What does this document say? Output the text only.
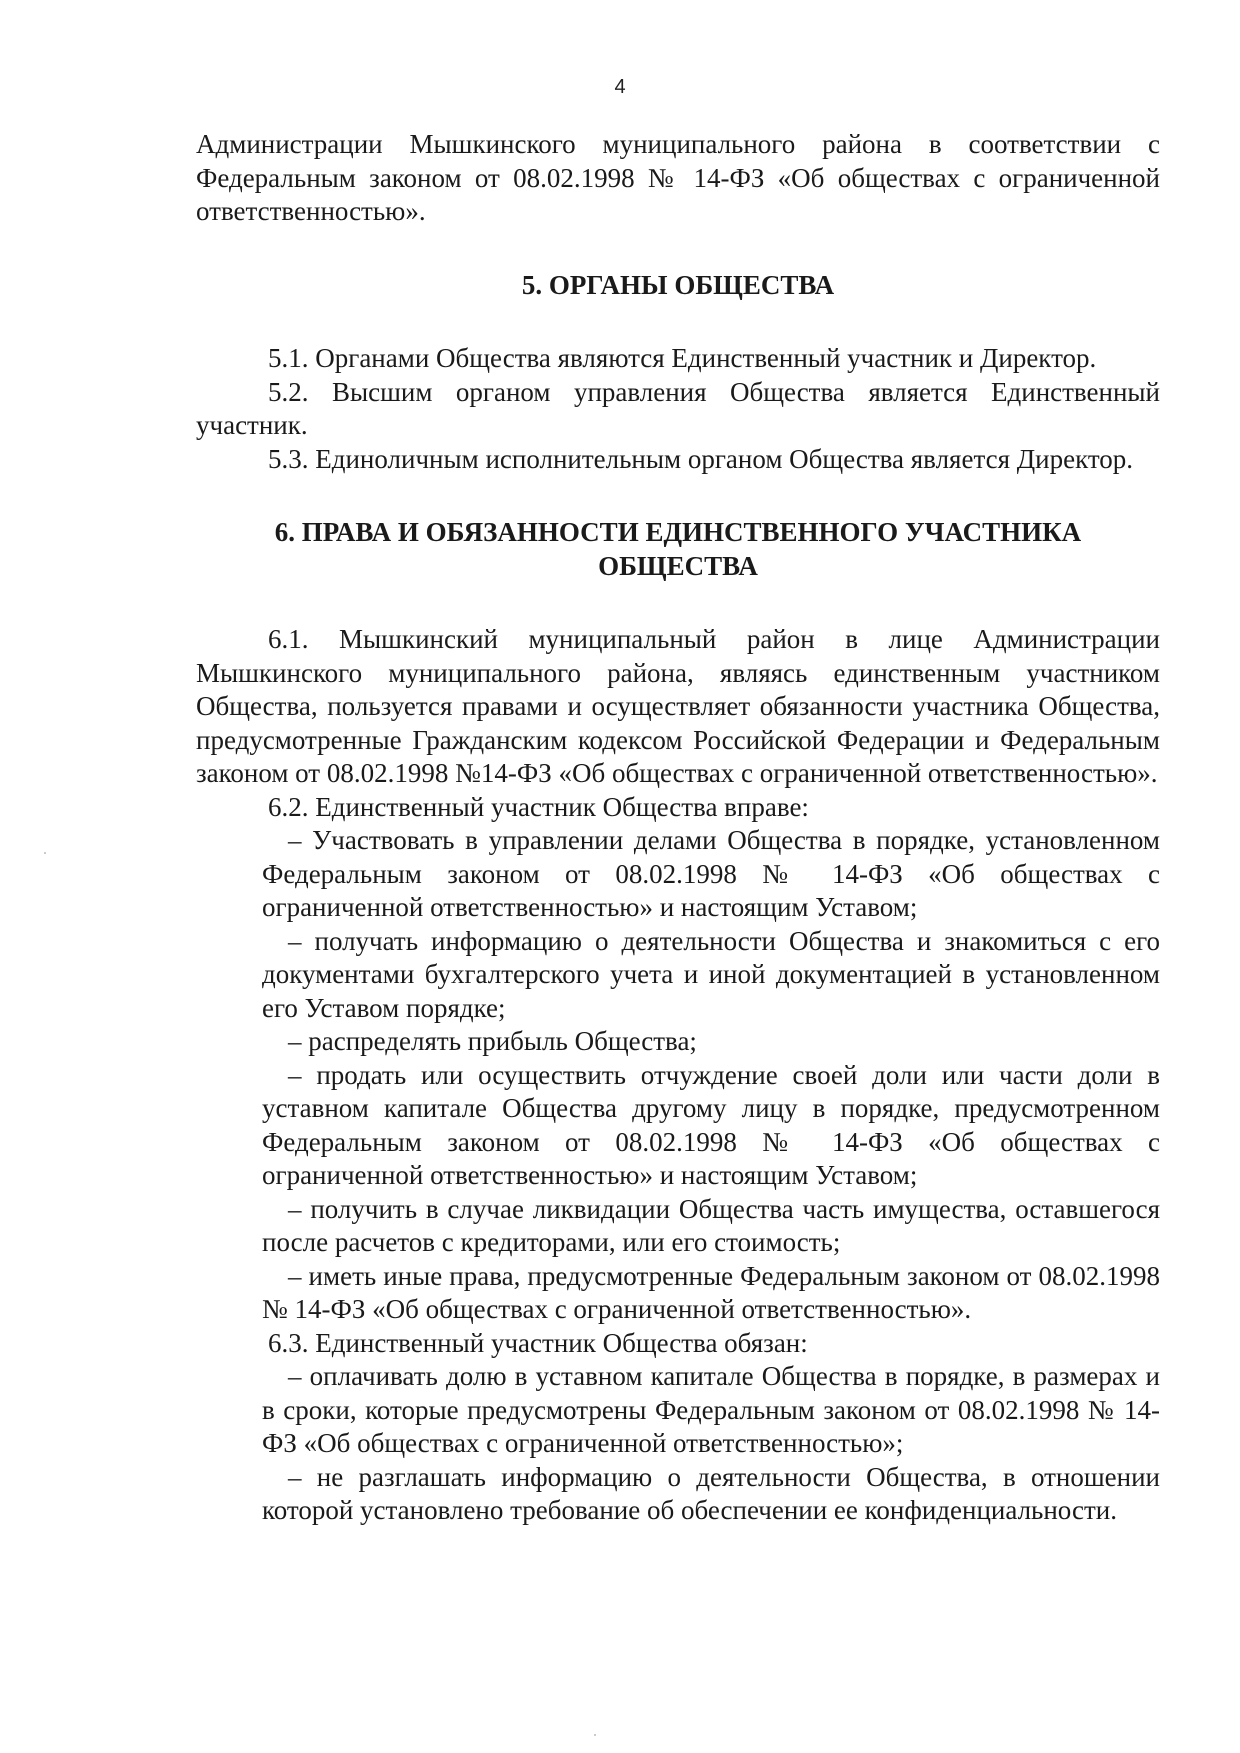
4

Администрации Мышкинского муниципального района в соответствии с Федеральным законом от 08.02.1998 № 14-ФЗ «Об обществах с ограниченной ответственностью».

5. ОРГАНЫ ОБЩЕСТВА

5.1. Органами Общества являются Единственный участник и Директор.

5.2. Высшим органом управления Общества является Единственный участник.

5.3. Единоличным исполнительным органом Общества является Директор.

6. ПРАВА И ОБЯЗАННОСТИ ЕДИНСТВЕННОГО УЧАСТНИКА
ОБЩЕСТВА

6.1. Мышкинский муниципальный район в лице Администрации Мышкинского муниципального района, являясь единственным участником Общества, пользуется правами и осуществляет обязанности участника Общества, предусмотренные Гражданским кодексом Российской Федерации и Федеральным законом от 08.02.1998 №14-ФЗ «Об обществах с ограниченной ответственностью».

6.2. Единственный участник Общества вправе:

– Участвовать в управлении делами Общества в порядке, установленном Федеральным законом от 08.02.1998 № 14-ФЗ «Об обществах с ограниченной ответственностью» и настоящим Уставом;

– получать информацию о деятельности Общества и знакомиться с его документами бухгалтерского учета и иной документацией в установленном его Уставом порядке;

– распределять прибыль Общества;

– продать или осуществить отчуждение своей доли или части доли в уставном капитале Общества другому лицу в порядке, предусмотренном Федеральным законом от 08.02.1998 № 14-ФЗ «Об обществах с ограниченной ответственностью» и настоящим Уставом;

– получить в случае ликвидации Общества часть имущества, оставшегося после расчетов с кредиторами, или его стоимость;

– иметь иные права, предусмотренные Федеральным законом от 08.02.1998 № 14-ФЗ «Об обществах с ограниченной ответственностью».

6.3. Единственный участник Общества обязан:

– оплачивать долю в уставном капитале Общества в порядке, в размерах и в сроки, которые предусмотрены Федеральным законом от 08.02.1998 № 14-ФЗ «Об обществах с ограниченной ответственностью»;

– не разглашать информацию о деятельности Общества, в отношении которой установлено требование об обеспечении ее конфиденциальности.
